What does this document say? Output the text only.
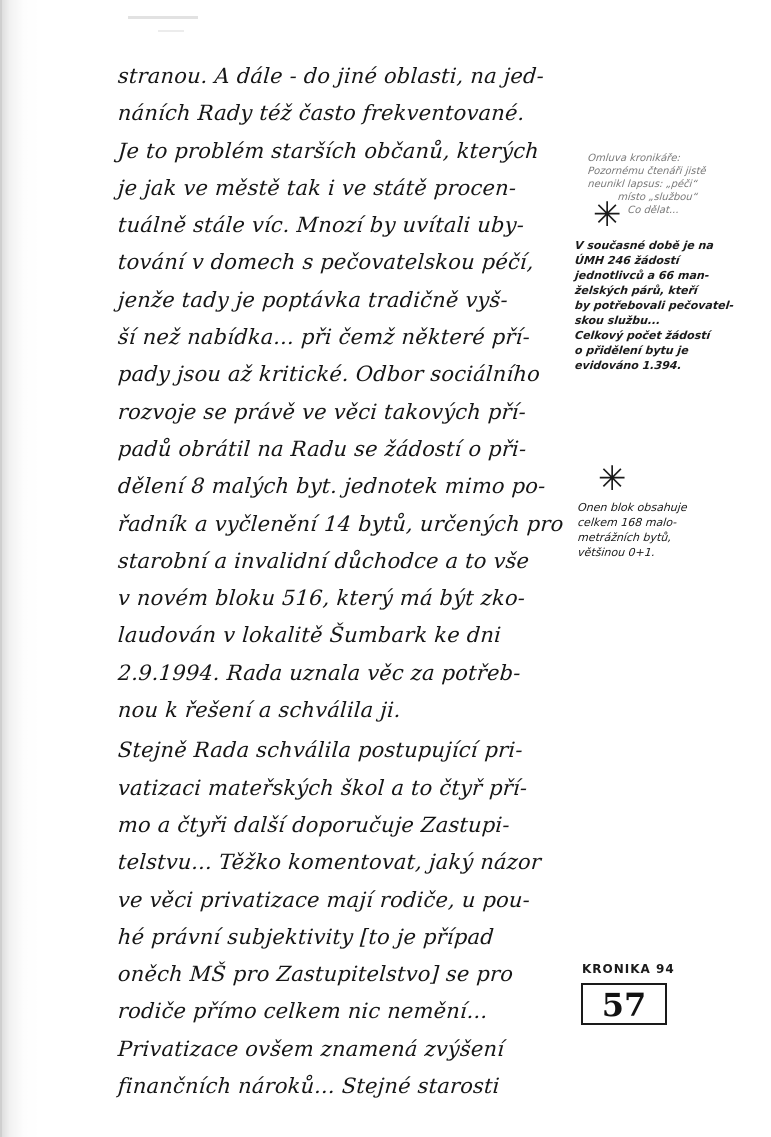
stranou. A dále - do jiné oblasti, na jed-
náních Rady též často frekventované.
Je to problém starších občanů, kterých
je jak ve městě tak i ve státě procen-
tuálně stále víc. Mnozí by uvítali uby-
tování v domech s pečovatelskou péčí,
jenže tady je poptávka tradičně vyš-
ší než nabídka... při čemž některé pří-
pady jsou až kritické. Odbor sociálního
rozvoje se právě ve věci takových pří-
padů obrátil na Radu se žádostí o při-
dělení 8 malých byt. jednotek mimo po-
řadník a vyčlenění 14 bytů, určených pro
starobní a invalidní důchodce a to vše
v novém bloku 516, který má být zko-
laudován v lokalitě Šumbark ke dni
2.9.1994. Rada uznala věc za potřeb-
nou k řešení a schválila ji.
Stejně Rada schválila postupující pri-
vatizaci mateřských škol a to čtyř pří-
mo a čtyři další doporučuje Zastupi-
telstvu... Těžko komentovat, jaký názor
ve věci privatizace mají rodiče, u pou-
hé právní subjektivity [to je případ
oněch MŠ pro Zastupitelstvo] se pro
rodiče přímo celkem nic nemění...
Privatizace ovšem znamená zvýšení
finančních nároků... Stejné starosti
Omluva kronikáře:
Pozornému čtenáři jistě
neunikl lapsus: „péči“
místo „službou“
Co dělat...
✳
V současné době je na
ÚMH 246 žádostí
jednotlivců a 66 man-
želských párů, kteří
by potřebovali pečovatel-
skou službu...
Celkový počet žádostí
o přidělení bytu je
evidováno 1.394.
✳
Onen blok obsahuje
celkem 168 malo-
metrážních bytů,
většinou 0+1.
KRONIKA 94
57
